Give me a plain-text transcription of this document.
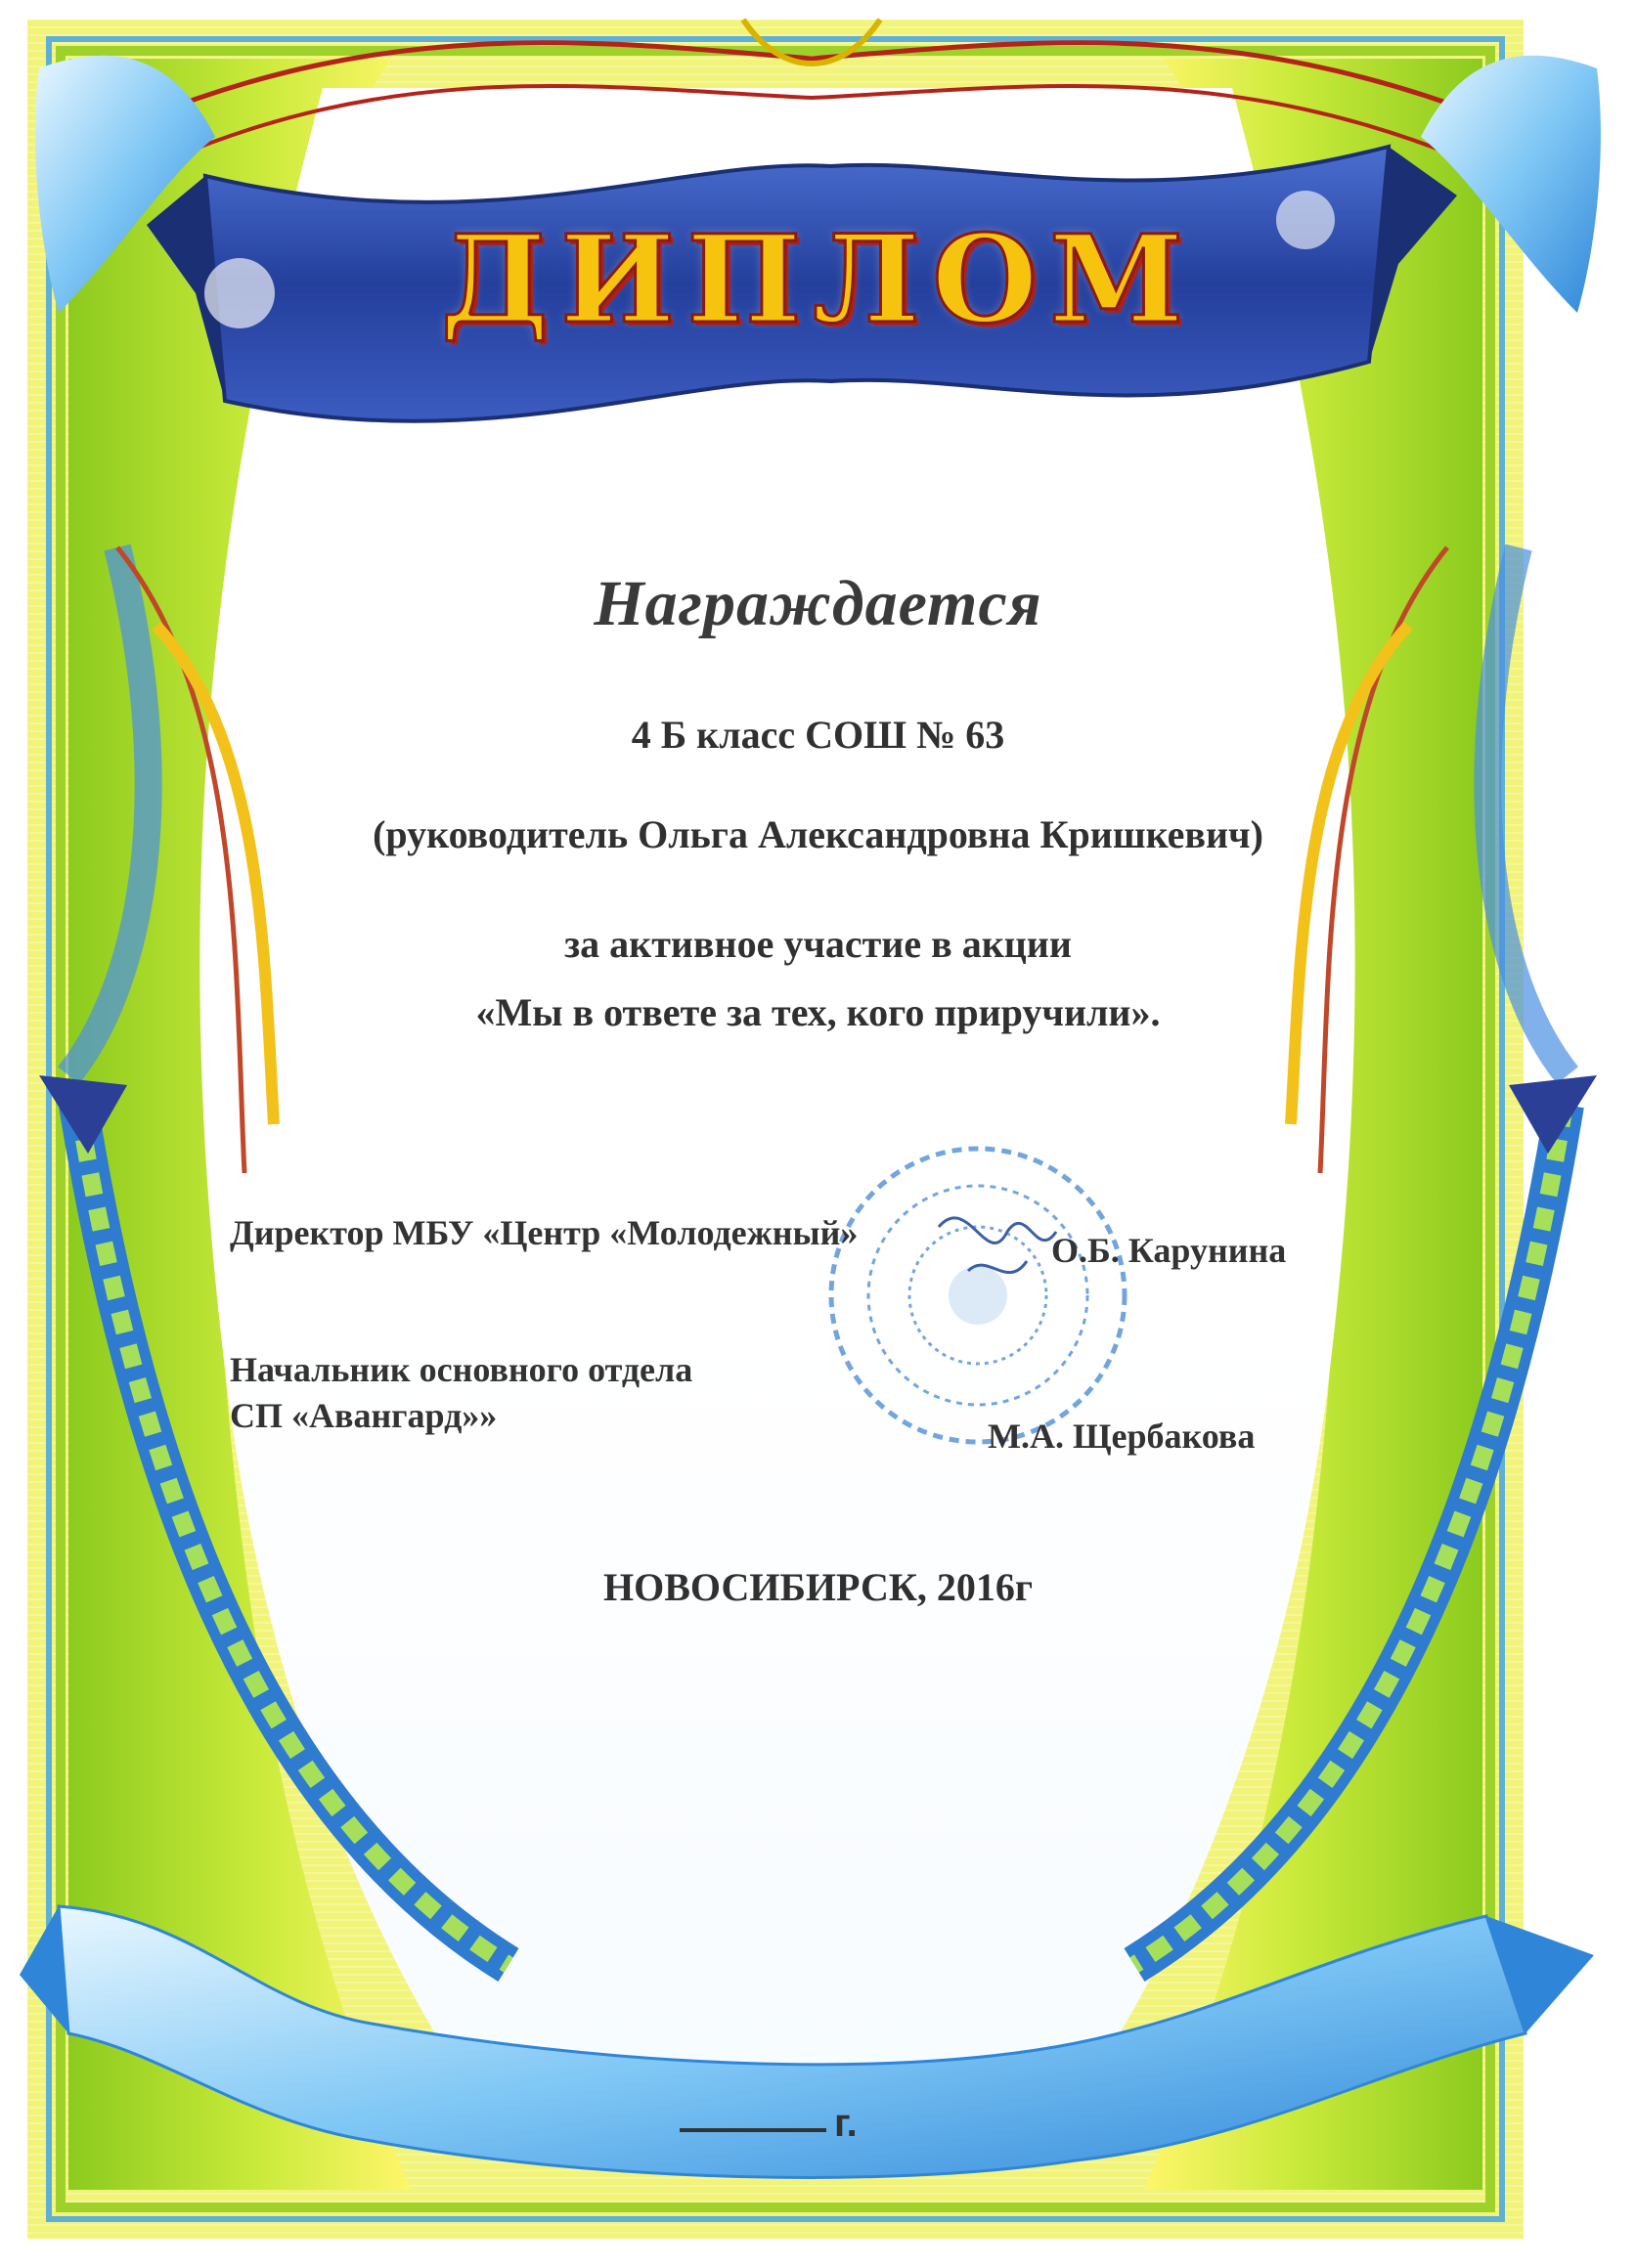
ДИПЛОМ

Награждается

4 Б класс СОШ № 63

(руководитель Ольга Александровна Кришкевич)

за активное участие в акции

«Мы в ответе за тех, кого приручили».

Директор МБУ «Центр «Молодежный»	О.Б. Карунина

Начальник основного отдела

СП «Авангард»»

М.А. Щербакова

НОВОСИБИРСК, 2016г

г.
